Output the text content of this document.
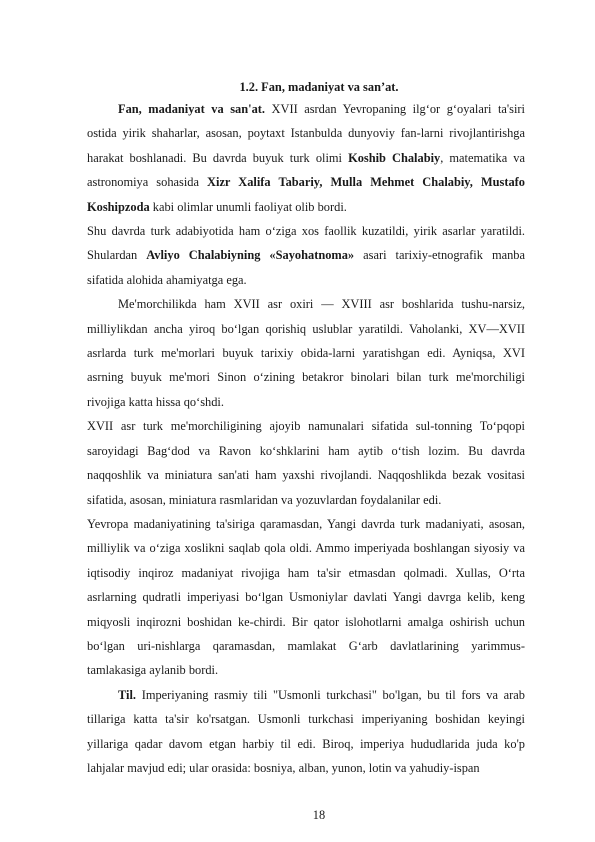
1.2. Fan, madaniyat va san’at.

Fan, madaniyat va san'at. XVII asrdan Yevropaning ilg‘or g‘oyalari ta'siri ostida yirik shaharlar, asosan, poytaxt Istanbulda dunyoviy fan-larni rivojlantirishga harakat boshlanadi. Bu davrda buyuk turk olimi Koshib Chalabiy, matematika va astronomiya sohasida Xizr Xalifa Tabariy, Mulla Mehmet Chalabiy, Mustafo Koshipzoda kabi olimlar unumli faoliyat olib bordi.

Shu davrda turk adabiyotida ham o‘ziga xos faollik kuzatildi, yirik asarlar yaratildi. Shulardan Avliyo Chalabiyning «Sayohatnoma» asari tarixiy-etnografik manba sifatida alohida ahamiyatga ega.

Me'morchilikda ham XVII asr oxiri — XVIII asr boshlarida tushu-narsiz, milliylikdan ancha yiroq bo‘lgan qorishiq uslublar yaratildi. Vaholanki, XV—XVII asrlarda turk me'morlari buyuk tarixiy obida-larni yaratishgan edi. Ayniqsa, XVI asrning buyuk me'mori Sinon o‘zining betakror binolari bilan turk me'morchiligi rivojiga katta hissa qo‘shdi.

XVII asr turk me'morchiligining ajoyib namunalari sifatida sul-tonning To‘pqopi saroyidagi Bag‘dod va Ravon ko‘shklarini ham aytib o‘tish lozim. Bu davrda naqqoshlik va miniatura san'ati ham yaxshi rivojlandi. Naqqoshlikda bezak vositasi sifatida, asosan, miniatura rasmlaridan va yozuvlardan foydalanilar edi.

Yevropa madaniyatining ta'siriga qaramasdan, Yangi davrda turk madaniyati, asosan, milliylik va o‘ziga xoslikni saqlab qola oldi. Ammo imperiyada boshlangan siyosiy va iqtisodiy inqiroz madaniyat rivojiga ham ta'sir etmasdan qolmadi. Xullas, O‘rta asrlarning qudratli imperiyasi bo‘lgan Usmoniylar davlati Yangi davrga kelib, keng miqyosli inqirozni boshidan ke-chirdi. Bir qator islohotlarni amalga oshirish uchun bo‘lgan uri-nishlarga qaramasdan, mamlakat G‘arb davlatlarining yarimmus-tamlakasiga aylanib bordi.

Til. Imperiyaning rasmiy tili "Usmonli turkchasi" bo'lgan, bu til fors va arab tillariga katta ta'sir ko'rsatgan. Usmonli turkchasi imperiyaning boshidan keyingi yillariga qadar davom etgan harbiy til edi. Biroq, imperiya hududlarida juda ko'p lahjalar mavjud edi; ular orasida: bosniya, alban, yunon, lotin va yahudiy-ispan

18
